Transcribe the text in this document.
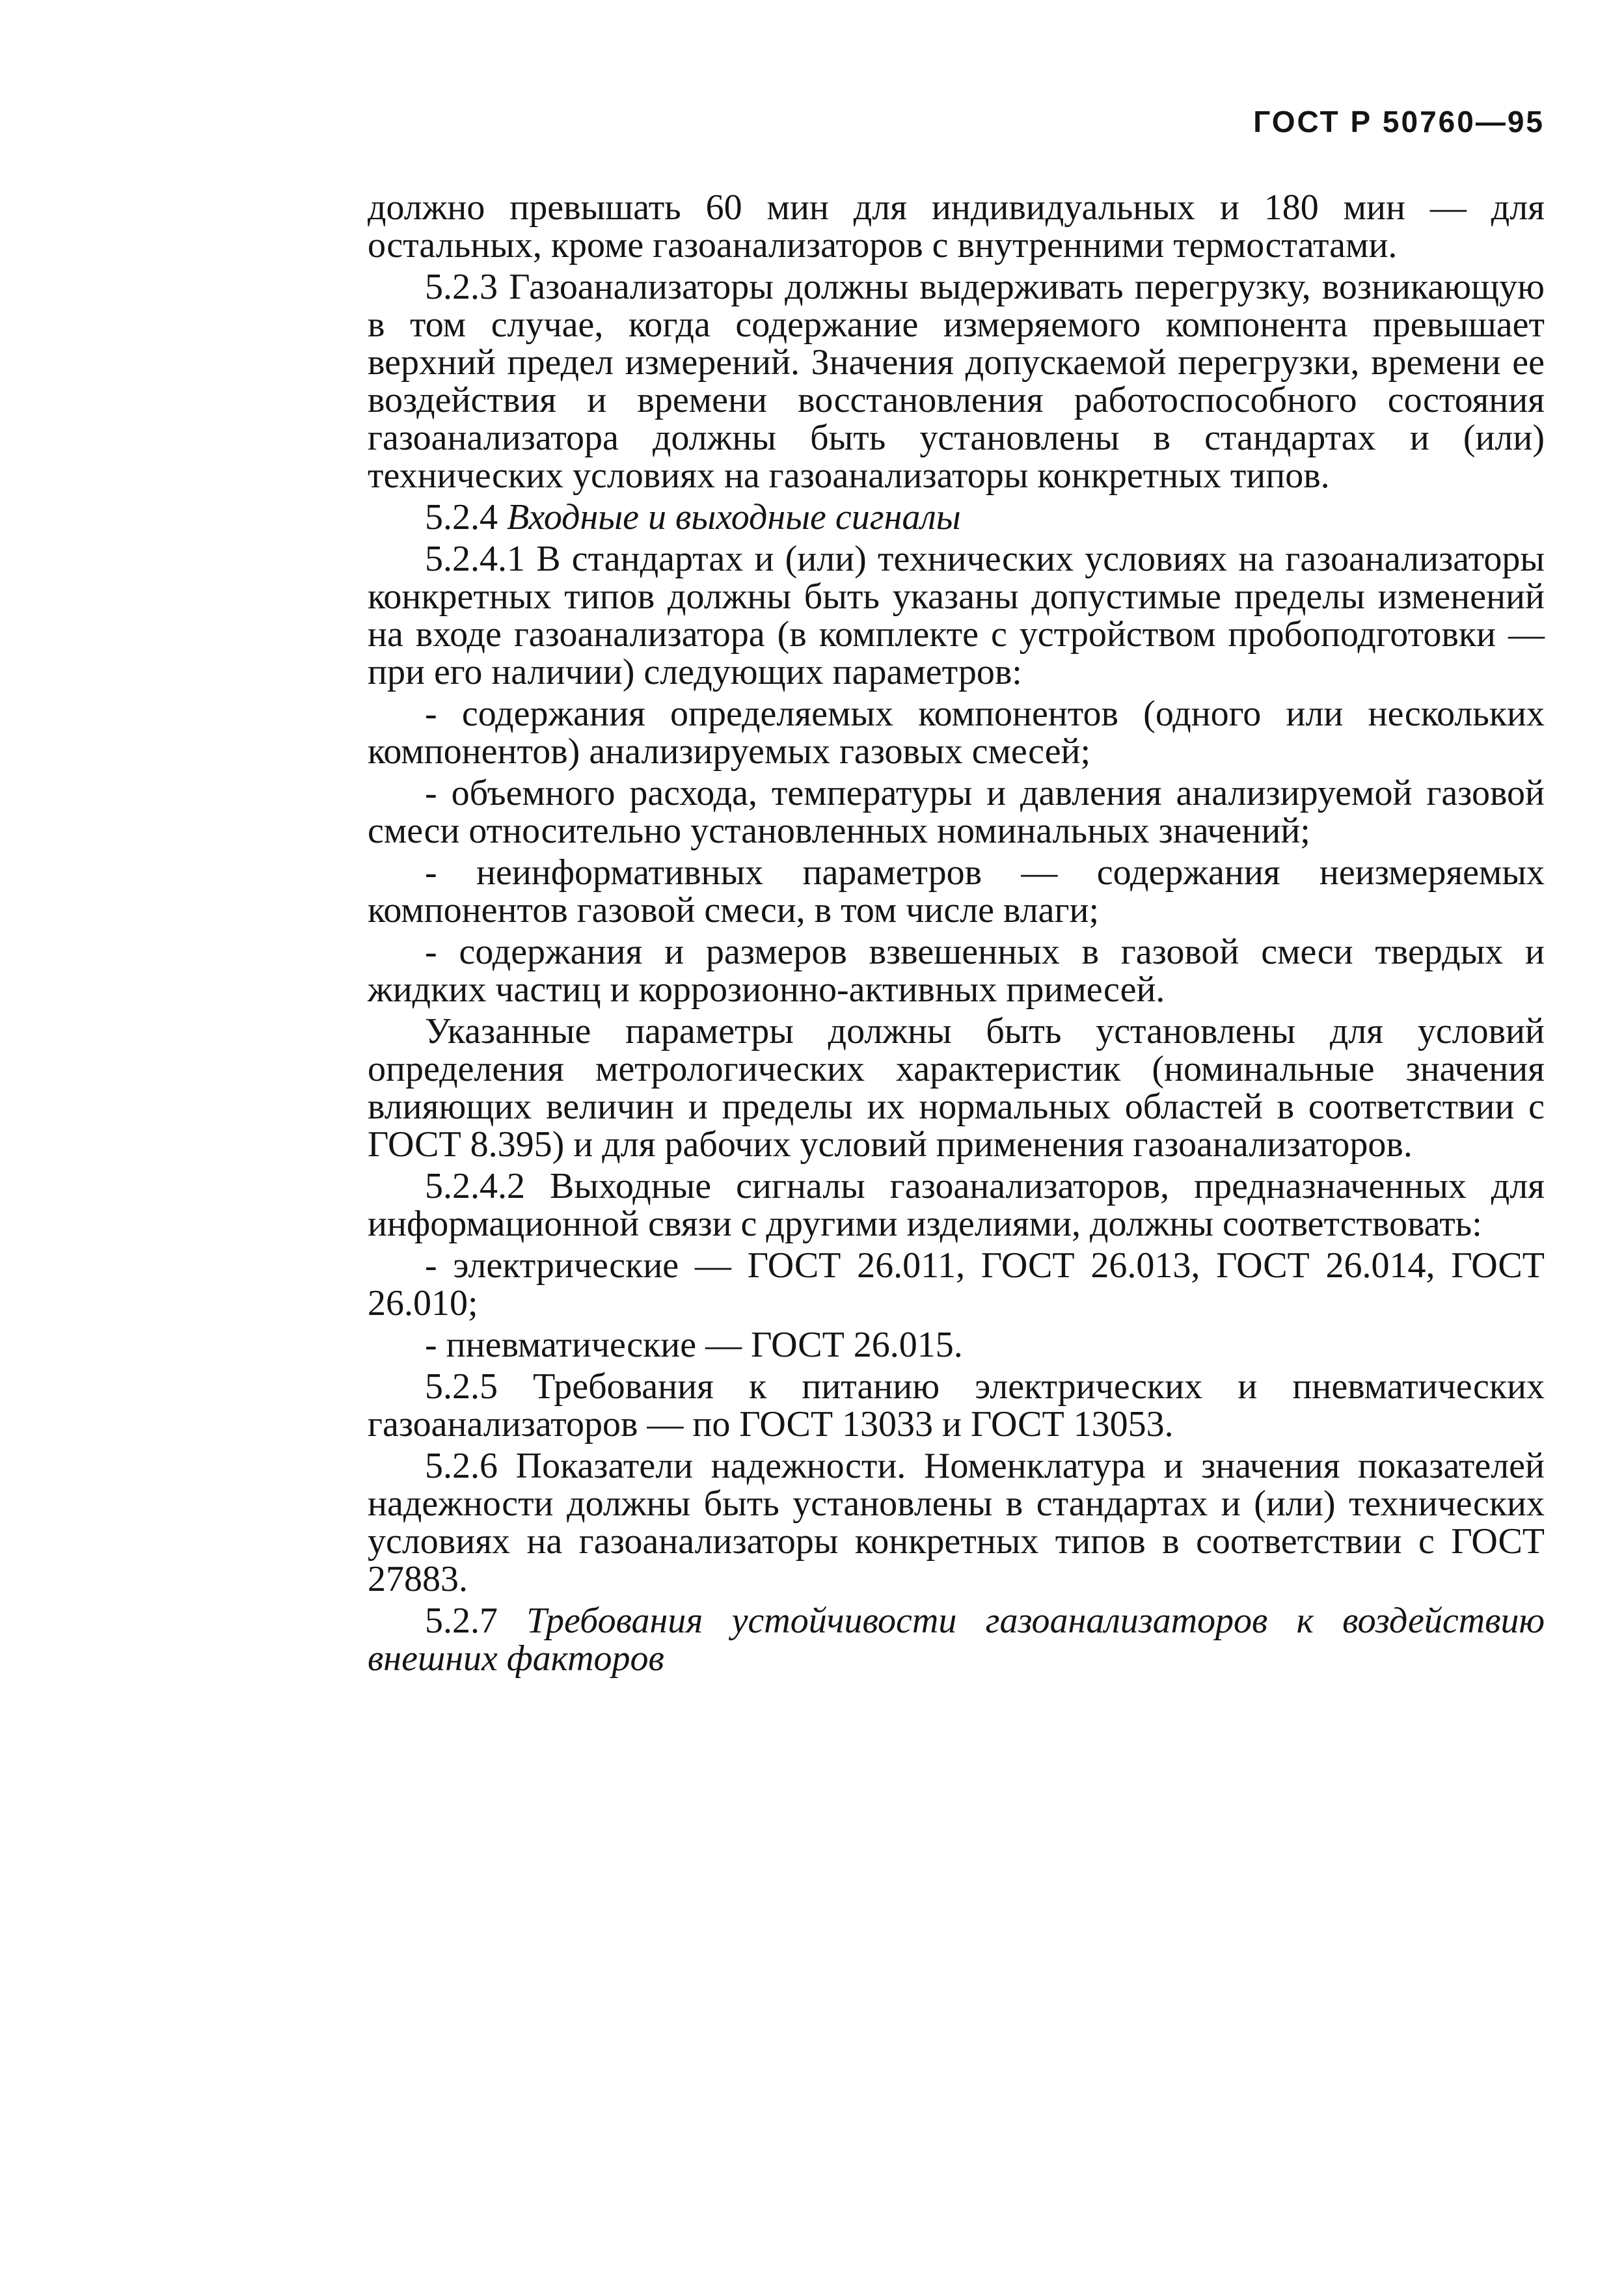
ГОСТ Р 50760—95

должно превышать 60 мин для индивидуальных и 180 мин — для остальных, кроме газоанализаторов с внутренними термостатами.

5.2.3 Газоанализаторы должны выдерживать перегрузку, возникающую в том случае, когда содержание измеряемого компонента превышает верхний предел измерений. Значения допускаемой перегрузки, времени ее воздействия и времени восстановления работоспособного состояния газоанализатора должны быть установлены в стандартах и (или) технических условиях на газоанализаторы конкретных типов.

5.2.4 Входные и выходные сигналы

5.2.4.1 В стандартах и (или) технических условиях на газоанализаторы конкретных типов должны быть указаны допустимые пределы изменений на входе газоанализатора (в комплекте с устройством пробоподготовки — при его наличии) следующих параметров:

- содержания определяемых компонентов (одного или нескольких компонентов) анализируемых газовых смесей;

- объемного расхода, температуры и давления анализируемой газовой смеси относительно установленных номинальных значений;

- неинформативных параметров — содержания неизмеряемых компонентов газовой смеси, в том числе влаги;

- содержания и размеров взвешенных в газовой смеси твердых и жидких частиц и коррозионно-активных примесей.

Указанные параметры должны быть установлены для условий определения метрологических характеристик (номинальные значения влияющих величин и пределы их нормальных областей в соответствии с ГОСТ 8.395) и для рабочих условий применения газоанализаторов.

5.2.4.2 Выходные сигналы газоанализаторов, предназначенных для информационной связи с другими изделиями, должны соответствовать:

- электрические — ГОСТ 26.011, ГОСТ 26.013, ГОСТ 26.014, ГОСТ 26.010;

- пневматические — ГОСТ 26.015.

5.2.5 Требования к питанию электрических и пневматических газоанализаторов — по ГОСТ 13033 и ГОСТ 13053.

5.2.6 Показатели надежности. Номенклатура и значения показателей надежности должны быть установлены в стандартах и (или) технических условиях на газоанализаторы конкретных типов в соответствии с ГОСТ 27883.

5.2.7 Требования устойчивости газоанализаторов к воздействию внешних факторов
